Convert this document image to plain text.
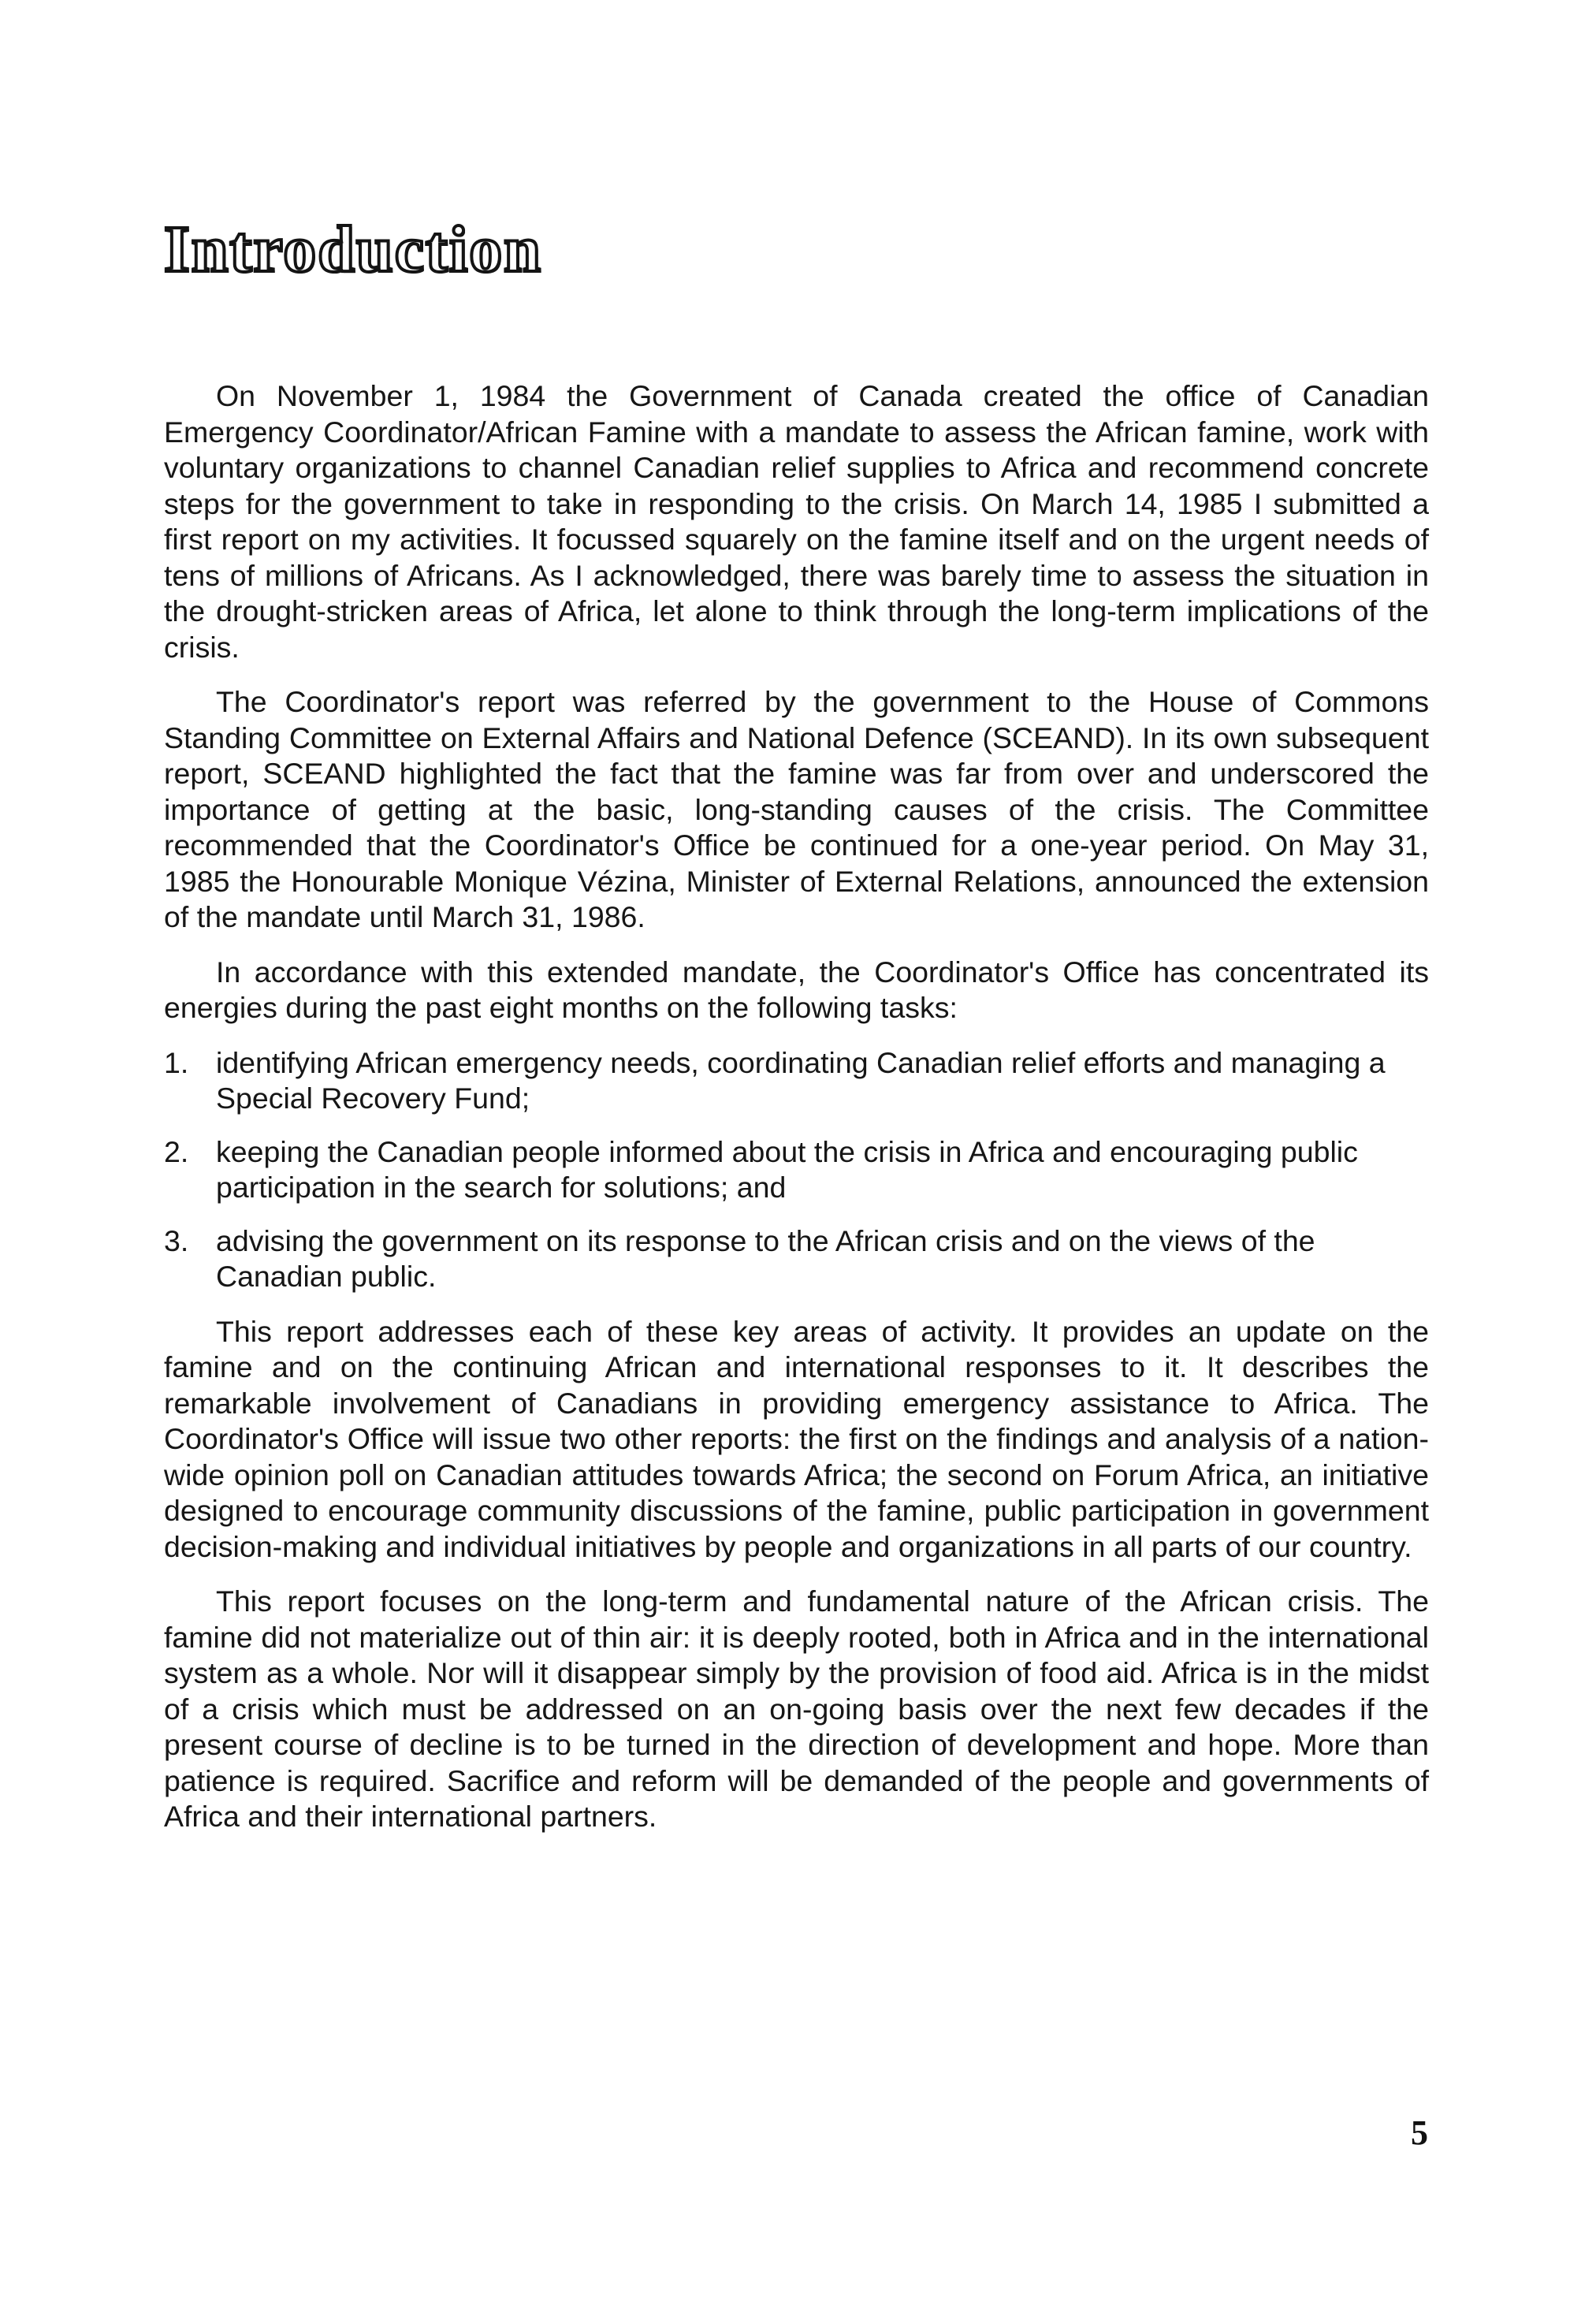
Introduction

On November 1, 1984 the Government of Canada created the office of Canadian Emergency Coordinator/African Famine with a mandate to assess the African famine, work with voluntary organizations to channel Canadian relief supplies to Africa and recommend concrete steps for the government to take in responding to the crisis. On March 14, 1985 I submitted a first report on my activities. It focussed squarely on the famine itself and on the urgent needs of tens of millions of Africans. As I acknowledged, there was barely time to assess the situation in the drought-stricken areas of Africa, let alone to think through the long-term implications of the crisis.

The Coordinator's report was referred by the government to the House of Commons Standing Committee on External Affairs and National Defence (SCEAND). In its own subsequent report, SCEAND highlighted the fact that the famine was far from over and underscored the importance of getting at the basic, long-standing causes of the crisis. The Committee recommended that the Coordinator's Office be continued for a one-year period. On May 31, 1985 the Honourable Monique Vézina, Minister of External Relations, announced the extension of the mandate until March 31, 1986.

In accordance with this extended mandate, the Coordinator's Office has concentrated its energies during the past eight months on the following tasks:

1. identifying African emergency needs, coordinating Canadian relief efforts and managing a Special Recovery Fund;
2. keeping the Canadian people informed about the crisis in Africa and encouraging public participation in the search for solutions; and
3. advising the government on its response to the African crisis and on the views of the Canadian public.

This report addresses each of these key areas of activity. It provides an update on the famine and on the continuing African and international responses to it. It describes the remarkable involvement of Canadians in providing emergency assistance to Africa. The Coordinator's Office will issue two other reports: the first on the findings and analysis of a nation-wide opinion poll on Canadian attitudes towards Africa; the second on Forum Africa, an initiative designed to encourage community discussions of the famine, public participation in government decision-making and individual initiatives by people and organizations in all parts of our country.

This report focuses on the long-term and fundamental nature of the African crisis. The famine did not materialize out of thin air: it is deeply rooted, both in Africa and in the international system as a whole. Nor will it disappear simply by the provision of food aid. Africa is in the midst of a crisis which must be addressed on an on-going basis over the next few decades if the present course of decline is to be turned in the direction of development and hope. More than patience is required. Sacrifice and reform will be demanded of the people and governments of Africa and their international partners.

5
